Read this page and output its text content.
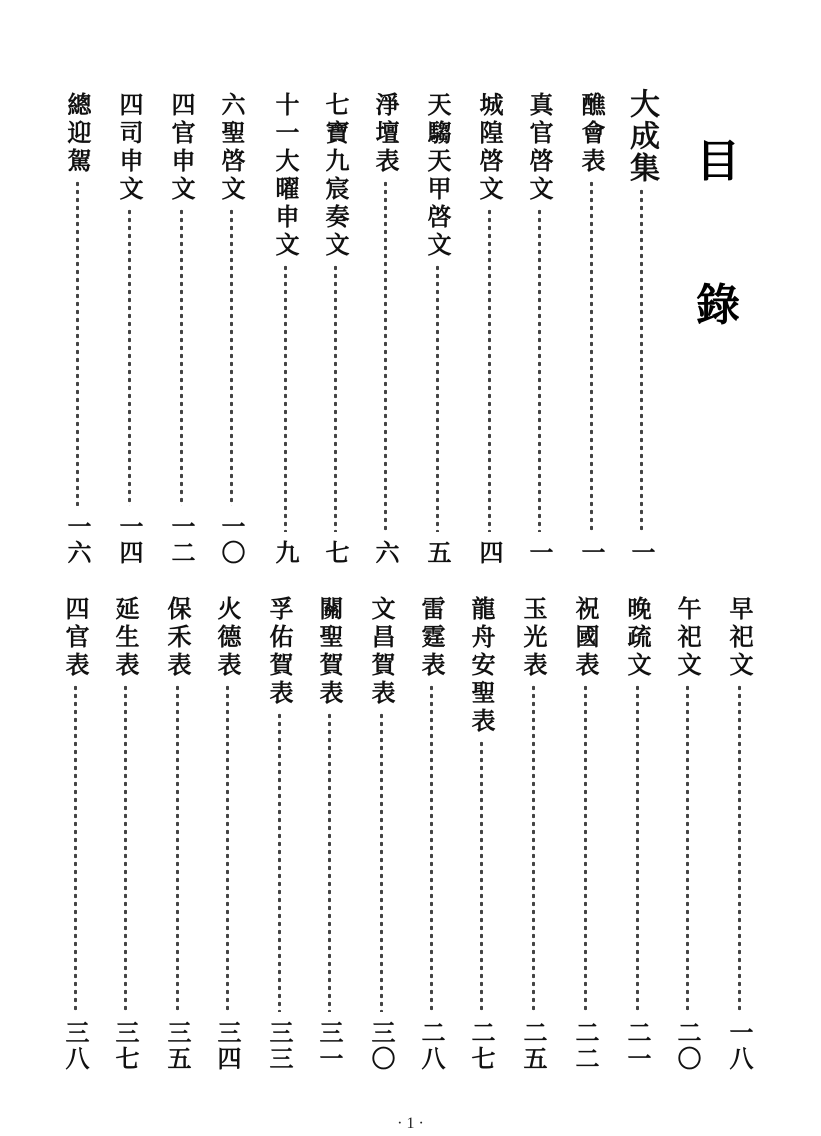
目
錄
大成集
一
醮會表
一
真官啓文
一
城隍啓文
四
天騶天甲啓文
五
淨壇表
六
七寶九宸奏文
七
十一大曜申文
九
六聖啓文
一〇
四官申文
一二
四司申文
一四
總迎駕
一六
早祀文
一八
午祀文
二〇
晚疏文
二一
祝國表
二二
玉光表
二五
龍舟安聖表
二七
雷霆表
二八
文昌賀表
三〇
關聖賀表
三一
孚佑賀表
三三
火德表
三四
保禾表
三五
延生表
三七
四官表
三八
· 1 ·
